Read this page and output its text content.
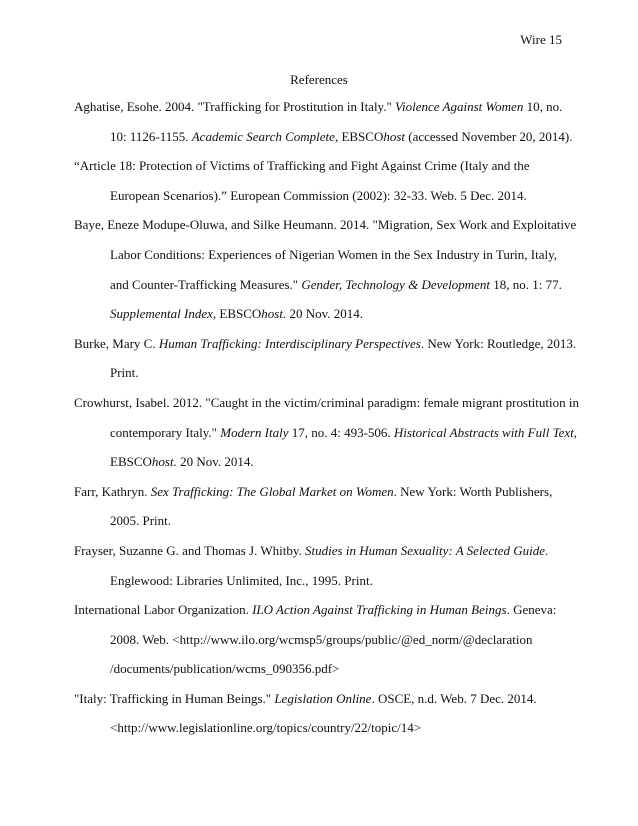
Wire 15
References
Aghatise, Esohe. 2004. "Trafficking for Prostitution in Italy." Violence Against Women 10, no.
10: 1126-1155. Academic Search Complete, EBSCOhost (accessed November 20, 2014).
“Article 18: Protection of Victims of Trafficking and Fight Against Crime (Italy and the
European Scenarios).” European Commission (2002): 32-33. Web. 5 Dec. 2014.
Baye, Eneze Modupe-Oluwa, and Silke Heumann. 2014. "Migration, Sex Work and Exploitative
Labor Conditions: Experiences of Nigerian Women in the Sex Industry in Turin, Italy,
and Counter-Trafficking Measures." Gender, Technology & Development 18, no. 1: 77.
Supplemental Index, EBSCOhost. 20 Nov. 2014.
Burke, Mary C. Human Trafficking: Interdisciplinary Perspectives. New York: Routledge, 2013.
Print.
Crowhurst, Isabel. 2012. "Caught in the victim/criminal paradigm: female migrant prostitution in
contemporary Italy." Modern Italy 17, no. 4: 493-506. Historical Abstracts with Full Text,
EBSCOhost. 20 Nov. 2014.
Farr, Kathryn. Sex Trafficking: The Global Market on Women. New York: Worth Publishers,
2005. Print.
Frayser, Suzanne G. and Thomas J. Whitby. Studies in Human Sexuality: A Selected Guide.
Englewood: Libraries Unlimited, Inc., 1995. Print.
International Labor Organization. ILO Action Against Trafficking in Human Beings. Geneva:
2008. Web. <http://www.ilo.org/wcmsp5/groups/public/@ed_norm/@declaration
/documents/publication/wcms_090356.pdf>
"Italy: Trafficking in Human Beings." Legislation Online. OSCE, n.d. Web. 7 Dec. 2014.
<http://www.legislationline.org/topics/country/22/topic/14>
